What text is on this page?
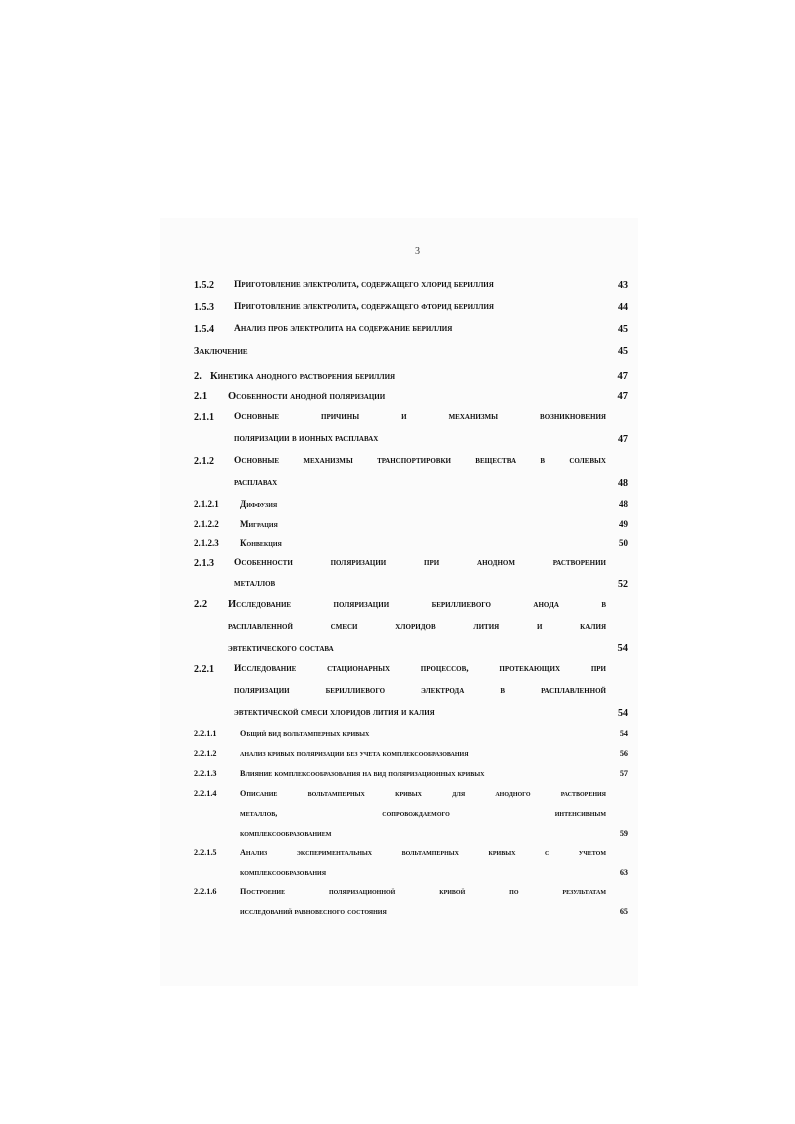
3
1.5.2 Приготовление электролита, содержащего хлорид бериллия	43
1.5.3 Приготовление электролита, содержащего фторид бериллия	44
1.5.4 Анализ проб электролита на содержание бериллия	45
Заключение	45
2. Кинетика анодного растворения бериллия	47
2.1 Особенности анодной поляризации	47
2.1.1 Основные причины и механизмы возникновения
поляризации в ионных расплавах	47
2.1.2 Основные механизмы транспортировки вещества в солевых
расплавах	48
2.1.2.1 Диффузия	48
2.1.2.2 Миграция	49
2.1.2.3 Конвекция	50
2.1.3 Особенности поляризации при анодном растворении
металлов	52
2.2 Исследование поляризации бериллиевого анода в
расплавленной смеси хлоридов лития и калия
эвтектического состава	54
2.2.1 Исследование стационарных процессов, протекающих при
поляризации бериллиевого электрода в расплавленной
эвтектической смеси хлоридов лития и калия	54
2.2.1.1	Общий вид вольтамперных кривых	54
2.2.1.2	анализ кривых поляризации без учета комплексообразования	56
2.2.1.3	Влияние комплексообразования на вид поляризационных кривых	57
2.2.1.4	Описание вольтамперных кривых для анодного растворения
металлов, сопровождаемого интенсивным
комплексообразованием	59
2.2.1.5	Анализ экспериментальных вольтамперных кривых с учетом
комплексообразования	63
2.2.1.6	Построение поляризационной кривой по результатам
исследований равновесного состояния	65
